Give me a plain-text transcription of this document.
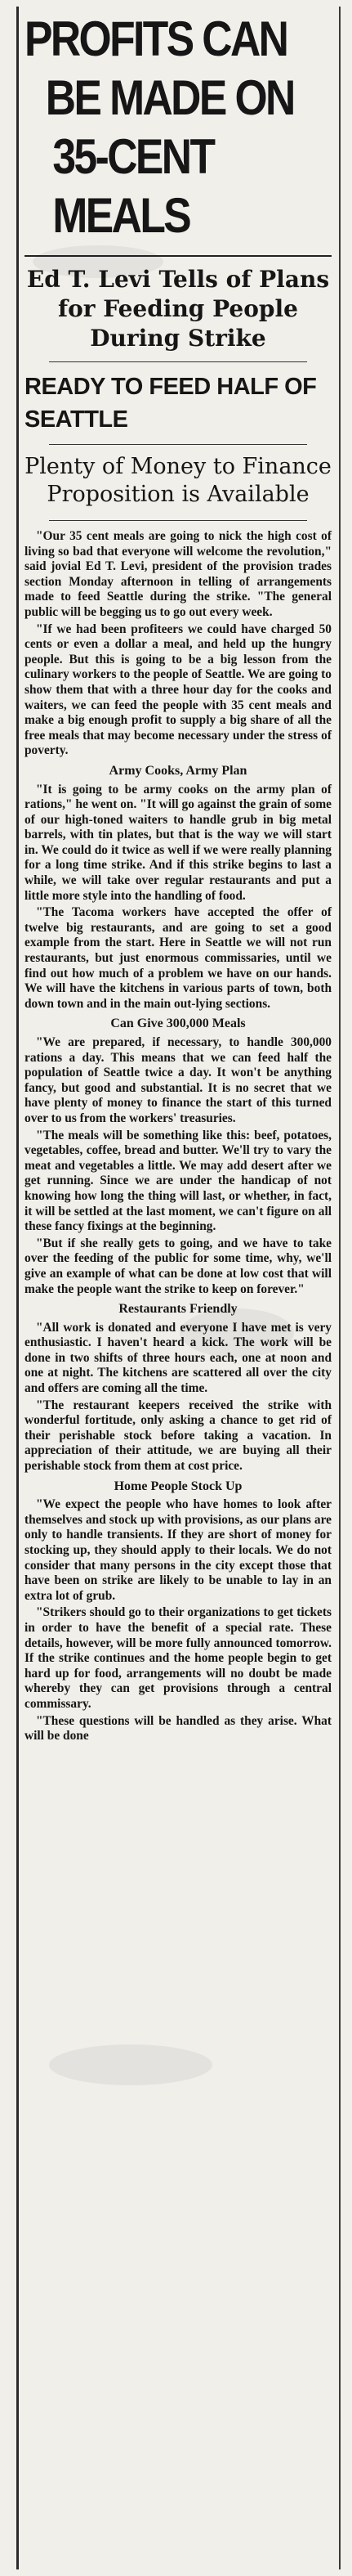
PROFITS CAN
BE MADE ON
35-CENT MEALS
Ed T. Levi Tells of Plans for Feeding People During Strike
READY TO FEED HALF OF SEATTLE
Plenty of Money to Finance Proposition is Available

"Our 35 cent meals are going to nick the high cost of living so bad that everyone will welcome the revolution," said jovial Ed T. Levi, president of the provision trades section Monday afternoon in telling of arrangements made to feed Seattle during the strike. "The general public will be begging us to go out every week.

"If we had been profiteers we could have charged 50 cents or even a dollar a meal, and held up the hungry people. But this is going to be a big lesson from the culinary workers to the people of Seattle. We are going to show them that with a three hour day for the cooks and waiters, we can feed the people with 35 cent meals and make a big enough profit to supply a big share of all the free meals that may become necessary under the stress of poverty.

Army Cooks, Army Plan

"It is going to be army cooks on the army plan of rations," he went on. "It will go against the grain of some of our high-toned waiters to handle grub in big metal barrels, with tin plates, but that is the way we will start in. We could do it twice as well if we were really planning for a long time strike. And if this strike begins to last a while, we will take over regular restaurants and put a little more style into the handling of food.

"The Tacoma workers have accepted the offer of twelve big restaurants, and are going to set a good example from the start. Here in Seattle we will not run restaurants, but just enormous commissaries, until we find out how much of a problem we have on our hands. We will have the kitchens in various parts of town, both down town and in the main out-lying sections.

Can Give 300,000 Meals

"We are prepared, if necessary, to handle 300,000 rations a day. This means that we can feed half the population of Seattle twice a day. It won't be anything fancy, but good and substantial. It is no secret that we have plenty of money to finance the start of this turned over to us from the workers' treasuries.

"The meals will be something like this: beef, potatoes, vegetables, coffee, bread and butter. We'll try to vary the meat and vegetables a little. We may add desert after we get running. Since we are under the handicap of not knowing how long the thing will last, or whether, in fact, it will be settled at the last moment, we can't figure on all these fancy fixings at the beginning.

"But if she really gets to going, and we have to take over the feeding of the public for some time, why, we'll give an example of what can be done at low cost that will make the people want the strike to keep on forever."

Restaurants Friendly

"All work is donated and everyone I have met is very enthusiastic. I haven't heard a kick. The work will be done in two shifts of three hours each, one at noon and one at night. The kitchens are scattered all over the city and offers are coming all the time.

"The restaurant keepers received the strike with wonderful fortitude, only asking a chance to get rid of their perishable stock before taking a vacation. In appreciation of their attitude, we are buying all their perishable stock from them at cost price.

Home People Stock Up

"We expect the people who have homes to look after themselves and stock up with provisions, as our plans are only to handle transients. If they are short of money for stocking up, they should apply to their locals. We do not consider that many persons in the city except those that have been on strike are likely to be unable to lay in an extra lot of grub.

"Strikers should go to their organizations to get tickets in order to have the benefit of a special rate. These details, however, will be more fully announced tomorrow. If the strike continues and the home people begin to get hard up for food, arrangements will no doubt be made whereby they can get provisions through a central commissary.

"These questions will be handled as they arise. What will be done
